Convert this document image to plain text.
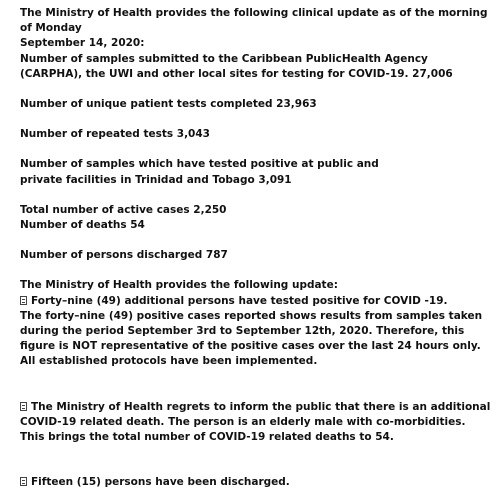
The Ministry of Health provides the following clinical update as of the morning of Monday
September 14, 2020:

Number of samples submitted to the Caribbean PublicHealth Agency (CARPHA), the UWI and other local sites for testing for COVID-19. 27,006

Number of unique patient tests completed 23,963

Number of repeated tests 3,043

Number of samples which have tested positive at public and
private facilities in Trinidad and Tobago 3,091

Total number of active cases 2,250

Number of deaths 54

Number of persons discharged 787

The Ministry of Health provides the following update:

Forty–nine (49) additional persons have tested positive for COVID -19.

The forty–nine (49) positive cases reported shows results from samples taken during the period September 3rd to September 12th, 2020. Therefore, this figure is NOT representative of the positive cases over the last 24 hours only. All established protocols have been implemented.

The Ministry of Health regrets to inform the public that there is an additional COVID-19 related death. The person is an elderly male with co-morbidities. This brings the total number of COVID-19 related deaths to 54.

Fifteen (15) persons have been discharged.
